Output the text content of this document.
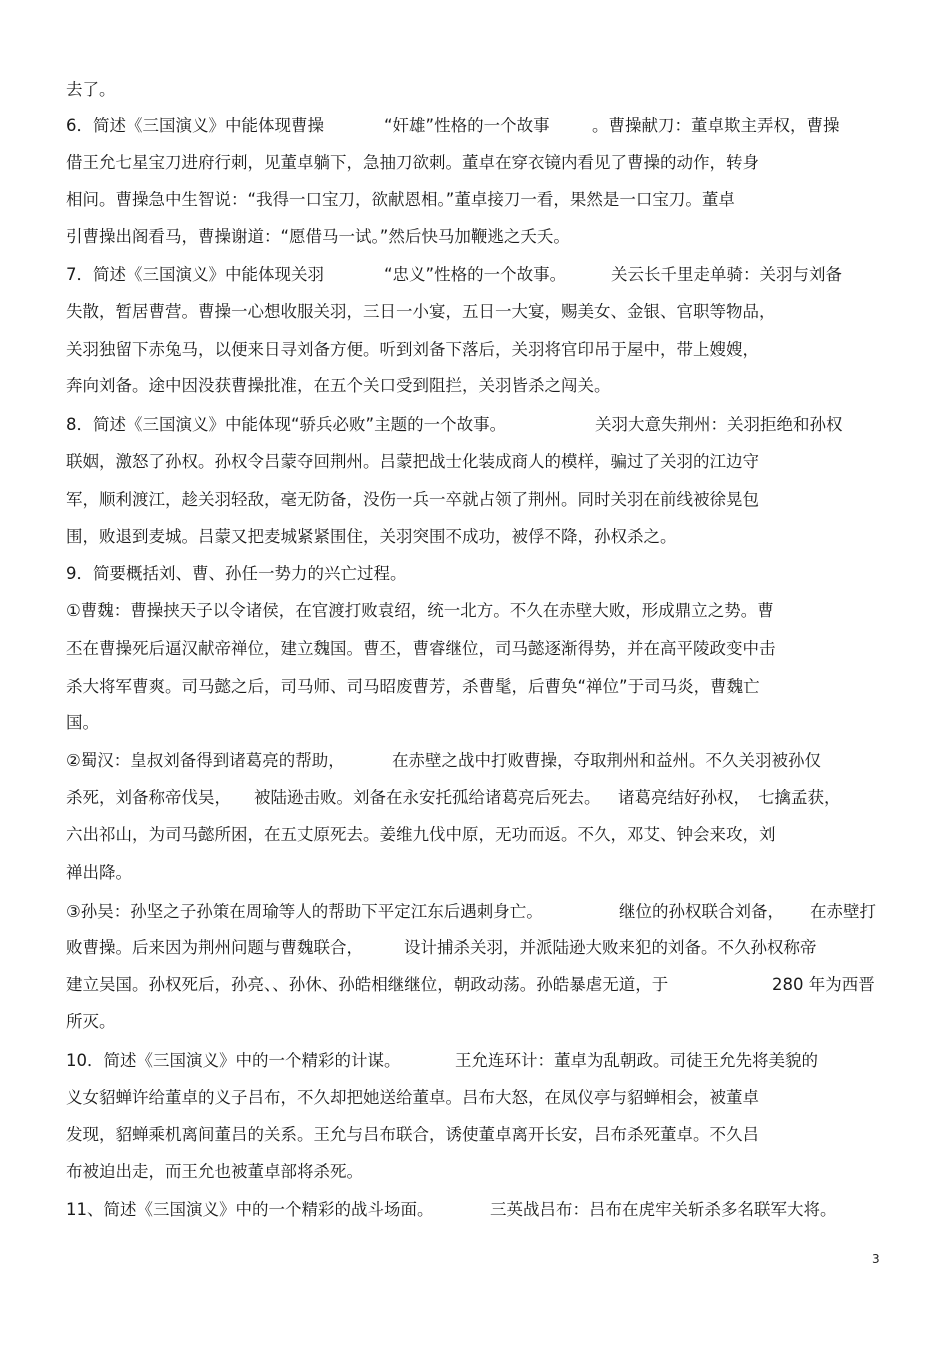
去了。
6．简述《三国演义》中能体现曹操	“奸雄”性格的一个故事	。曹操献刀：董卓欺主弄权，曹操
借王允七星宝刀进府行刺，见董卓躺下，急抽刀欲刺。董卓在穿衣镜内看见了曹操的动作，转身
相问。曹操急中生智说：“我得一口宝刀，欲献恩相。”董卓接刀一看，果然是一口宝刀。董卓
引曹操出阁看马，曹操谢道：“愿借马一试。”然后快马加鞭逃之夭夭。
7．简述《三国演义》中能体现关羽	“忠义”性格的一个故事。	关云长千里走单骑：关羽与刘备
失散，暂居曹营。曹操一心想收服关羽，三日一小宴，五日一大宴，赐美女、金银、官职等物品，
关羽独留下赤兔马，以便来日寻刘备方便。听到刘备下落后，关羽将官印吊于屋中，带上嫂嫂，
奔向刘备。途中因没获曹操批准，在五个关口受到阻拦，关羽皆杀之闯关。
8．简述《三国演义》中能体现“骄兵必败”主题的一个故事。	关羽大意失荆州：关羽拒绝和孙权
联姻，激怒了孙权。孙权令吕蒙夺回荆州。吕蒙把战士化装成商人的模样，骗过了关羽的江边守
军，顺利渡江，趁关羽轻敌，毫无防备，没伤一兵一卒就占领了荆州。同时关羽在前线被徐晃包
围，败退到麦城。吕蒙又把麦城紧紧围住，关羽突围不成功，被俘不降，孙权杀之。
9．简要概括刘、曹、孙任一势力的兴亡过程。
①曹魏：曹操挟天子以令诸侯，在官渡打败袁绍，统一北方。不久在赤壁大败，形成鼎立之势。曹
丕在曹操死后逼汉献帝禅位，建立魏国。曹丕，曹睿继位，司马懿逐渐得势，并在高平陵政变中击
杀大将军曹爽。司马懿之后，司马师、司马昭废曹芳，杀曹髦，后曹奂“禅位”于司马炎，曹魏亡
国。
②蜀汉：皇叔刘备得到诸葛亮的帮助，	在赤壁之战中打败曹操，夺取荆州和益州。不久关羽被孙仅
杀死，刘备称帝伐吴， 被陆逊击败。刘备在永安托孤给诸葛亮后死去。 诸葛亮结好孙权， 七擒孟获，
六出祁山，为司马懿所困，在五丈原死去。姜维九伐中原，无功而返。不久，邓艾、钟会来攻，刘
禅出降。
③孙吴：孙坚之子孙策在周瑜等人的帮助下平定江东后遇刺身亡。	继位的孙权联合刘备， 在赤壁打
败曹操。后来因为荆州问题与曹魏联合， 设计捕杀关羽，并派陆逊大败来犯的刘备。不久孙权称帝
建立吴国。孙权死后，孙亮、、孙休、孙皓相继继位，朝政动荡。孙皓暴虐无道，于	280 年为西晋
所灭。
10．简述《三国演义》中的一个精彩的计谋。	王允连环计：董卓为乱朝政。司徒王允先将美貌的
义女貂蝉许给董卓的义子吕布，不久却把她送给董卓。吕布大怒，在凤仪亭与貂蝉相会，被董卓
发现，貂蝉乘机离间董吕的关系。王允与吕布联合，诱使董卓离开长安，吕布杀死董卓。不久吕
布被迫出走，而王允也被董卓部将杀死。
11、简述《三国演义》中的一个精彩的战斗场面。	三英战吕布：吕布在虎牢关斩杀多名联军大将。
3
